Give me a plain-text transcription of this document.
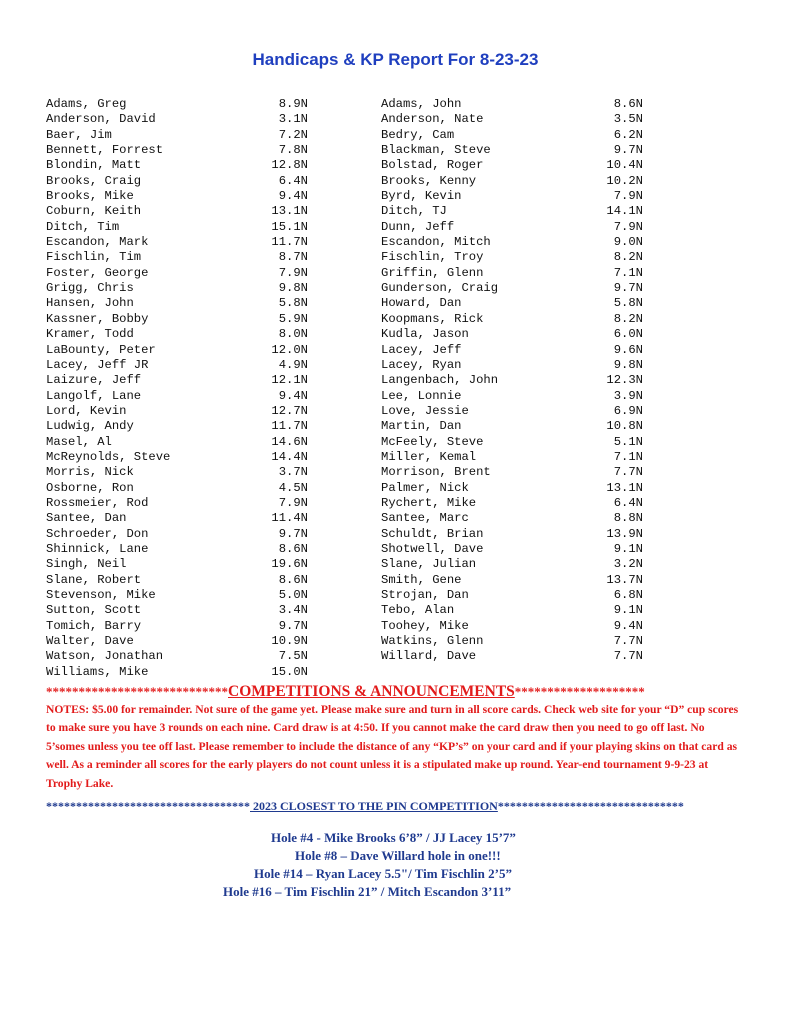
Handicaps & KP Report For 8-23-23
Adams, Greg	8.9N
Anderson, David	3.1N
Baer, Jim	7.2N
Bennett, Forrest	7.8N
Blondin, Matt	12.8N
Brooks, Craig	6.4N
Brooks, Mike	9.4N
Coburn, Keith	13.1N
Ditch, Tim	15.1N
Escandon, Mark	11.7N
Fischlin, Tim	8.7N
Foster, George	7.9N
Grigg, Chris	9.8N
Hansen, John	5.8N
Kassner, Bobby	5.9N
Kramer, Todd	8.0N
LaBounty, Peter	12.0N
Lacey, Jeff JR	4.9N
Laizure, Jeff	12.1N
Langolf, Lane	9.4N
Lord, Kevin	12.7N
Ludwig, Andy	11.7N
Masel, Al	14.6N
McReynolds, Steve	14.4N
Morris, Nick	3.7N
Osborne, Ron	4.5N
Rossmeier, Rod	7.9N
Santee, Dan	11.4N
Schroeder, Don	9.7N
Shinnick, Lane	8.6N
Singh, Neil	19.6N
Slane, Robert	8.6N
Stevenson, Mike	5.0N
Sutton, Scott	3.4N
Tomich, Barry	9.7N
Walter, Dave	10.9N
Watson, Jonathan	7.5N
Williams, Mike	15.0N
Adams, John	8.6N
Anderson, Nate	3.5N
Bedry, Cam	6.2N
Blackman, Steve	9.7N
Bolstad, Roger	10.4N
Brooks, Kenny	10.2N
Byrd, Kevin	7.9N
Ditch, TJ	14.1N
Dunn, Jeff	7.9N
Escandon, Mitch	9.0N
Fischlin, Troy	8.2N
Griffin, Glenn	7.1N
Gunderson, Craig	9.7N
Howard, Dan	5.8N
Koopmans, Rick	8.2N
Kudla, Jason	6.0N
Lacey, Jeff	9.6N
Lacey, Ryan	9.8N
Langenbach, John	12.3N
Lee, Lonnie	3.9N
Love, Jessie	6.9N
Martin, Dan	10.8N
McFeely, Steve	5.1N
Miller, Kemal	7.1N
Morrison, Brent	7.7N
Palmer, Nick	13.1N
Rychert, Mike	6.4N
Santee, Marc	8.8N
Schuldt, Brian	13.9N
Shotwell, Dave	9.1N
Slane, Julian	3.2N
Smith, Gene	13.7N
Strojan, Dan	6.8N
Tebo, Alan	9.1N
Toohey, Mike	9.4N
Watkins, Glenn	7.7N
Willard, Dave	7.7N
****************************COMPETITIONS & ANNOUNCEMENTS********************
NOTES: $5.00 for remainder. Not sure of the game yet. Please make sure and turn in all score cards. Check web site for your “D” cup scores to make sure you have 3 rounds on each nine. Card draw is at 4:50. If you cannot make the card draw then you need to go off last. No 5’somes unless you tee off last. Please remember to include the distance of any “KP’s” on your card and if your playing skins on that card as well. As a reminder all scores for the early players do not count unless it is a stipulated make up round. Year-end tournament 9-9-23 at Trophy Lake.
********************************** 2023 CLOSEST TO THE PIN COMPETITION*******************************
Hole #4 - Mike Brooks 6’8” / JJ Lacey 15’7”
Hole #8 – Dave Willard hole in one!!!
Hole #14 – Ryan Lacey 5.5"/ Tim Fischlin 2’5”
Hole #16 – Tim Fischlin 21” / Mitch Escandon 3’11”
